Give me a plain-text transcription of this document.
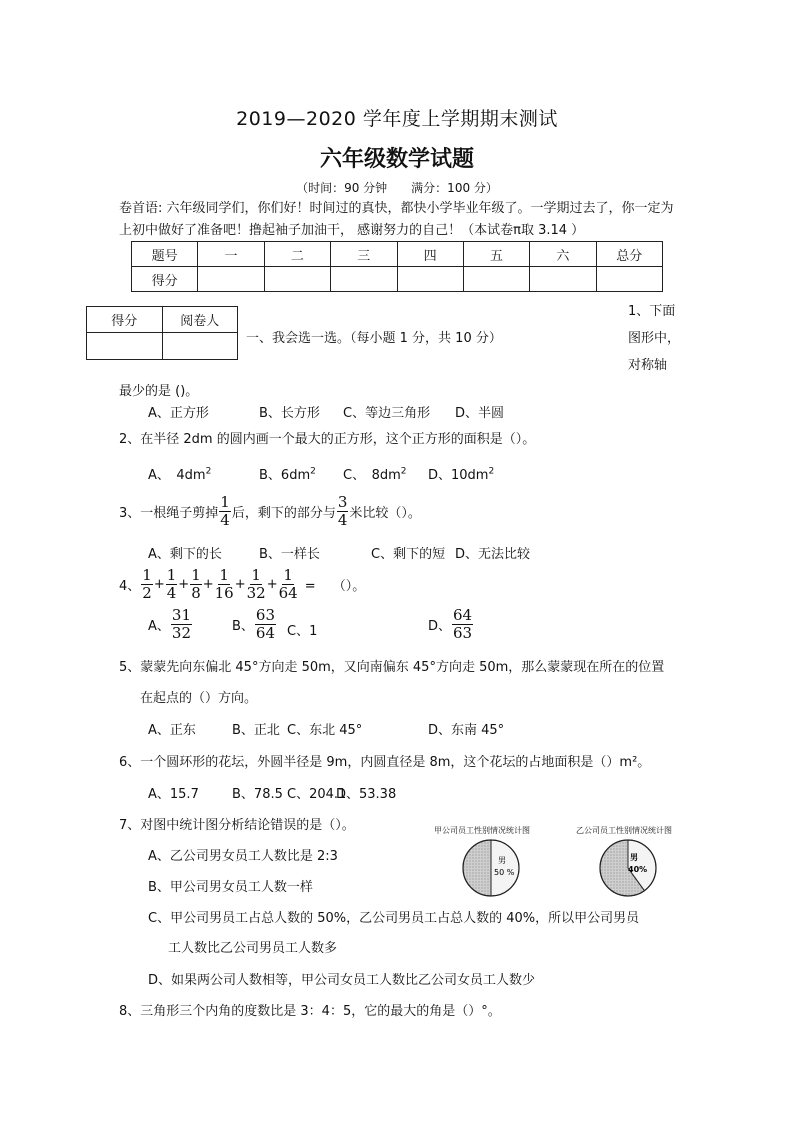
2019—2020 学年度上学期期末测试
六年级数学试题
（时间：90 分钟　　满分：100 分）
卷首语: 六年级同学们，你们好！时间过的真快，都快小学毕业年级了。一学期过去了，你一定为上初中做好了准备吧！撸起袖子加油干， 感谢努力的自己！（本试卷π取 3.14 ）
题号	一	二	三	四	五	六	总分
得分							
得分	阅卷人

一、我会选一选。（每小题 1 分，共 10 分）
1、下面
图形中，
对称轴
最少的是 ()。
A、正方形	B、长方形 C、等边三角形 D、半圆
2、在半径 2dm 的圆内画一个最大的正方形，这个正方形的面积是（）。
A、　$4dm^2$	B、$6dm^2$ C、　$8dm^2$ D、$10dm^2$
3、一根绳子剪掉 $\frac{1}{4}$ 后，剩下的部分与 $\frac{3}{4}$ 米比较（）。
A、剩下的长	B、一样长	C、剩下的短 D、无法比较
4、 $\frac{1}{2} + \frac{1}{4} + \frac{1}{8} + \frac{1}{16} + \frac{1}{32} + \frac{1}{64}$ =　 （）。
A、 $\frac{31}{32}$	B、 $\frac{63}{64}$ C、1	D、 $\frac{64}{63}$
5、蒙蒙先向东偏北 45°方向走 50m，又向南偏东 45°方向走 50m，那么蒙蒙现在所在的位置
在起点的（）方向。
A、正东	B、正北 C、东北 45°	D、东南 45°
6、一个圆环形的花坛，外圆半径是 9m，内圆直径是 8m，这个花坛的占地面积是（）m²。
A、15.7	B、78.5 C、204.1
D、53.38
7、对图中统计图分析结论错误的是（）。
A、乙公司男女员工人数比是 2:3
B、甲公司男女员工人数一样
C、甲公司男员工占总人数的 50%，乙公司男员工占总人数的 40%，所以甲公司男员
工人数比乙公司男员工人数多
D、如果两公司人数相等，甲公司女员工人数比乙公司女员工人数少
甲公司员工性别情况统计图	乙公司员工性别情况统计图
男
50 %
男
40%
8、三角形三个内角的度数比是 3：4：5，它的最大的角是（）°。
